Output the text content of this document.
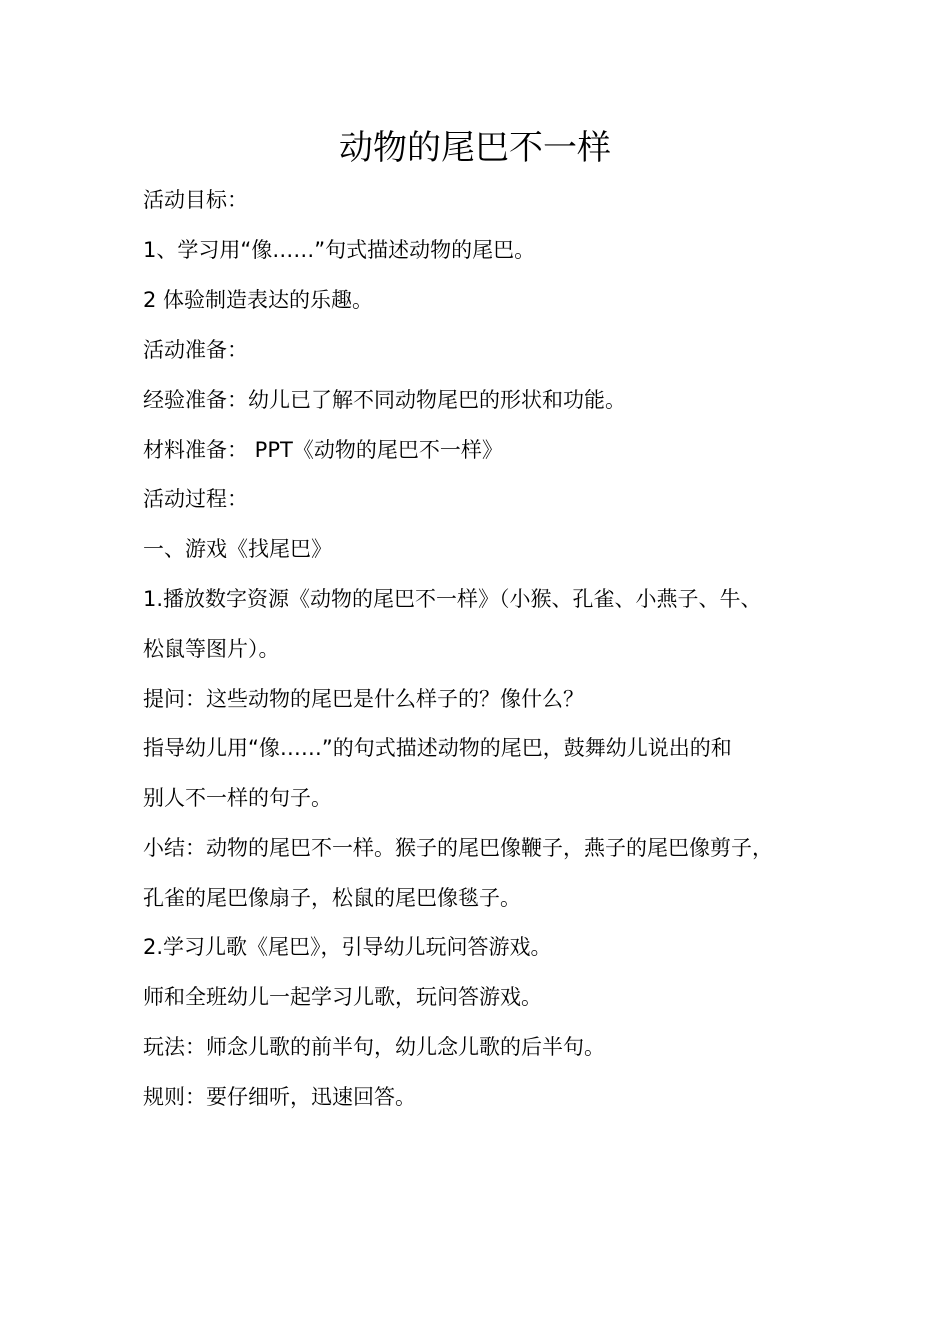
动物的尾巴不一样
活动目标：
1、学习用“像……”句式描述动物的尾巴。
2 体验制造表达的乐趣。
活动准备：
经验准备：幼儿已了解不同动物尾巴的形状和功能。
材料准备： PPT《动物的尾巴不一样》
活动过程：
一、游戏《找尾巴》
1.播放数字资源《动物的尾巴不一样》（小猴、孔雀、小燕子、牛、
松鼠等图片）。
提问：这些动物的尾巴是什么样子的？像什么？
指导幼儿用“像……”的句式描述动物的尾巴，鼓舞幼儿说出的和
别人不一样的句子。
小结：动物的尾巴不一样。猴子的尾巴像鞭子，燕子的尾巴像剪子，
孔雀的尾巴像扇子，松鼠的尾巴像毯子。
2.学习儿歌《尾巴》，引导幼儿玩问答游戏。
师和全班幼儿一起学习儿歌，玩问答游戏。
玩法：师念儿歌的前半句，幼儿念儿歌的后半句。
规则：要仔细听，迅速回答。
